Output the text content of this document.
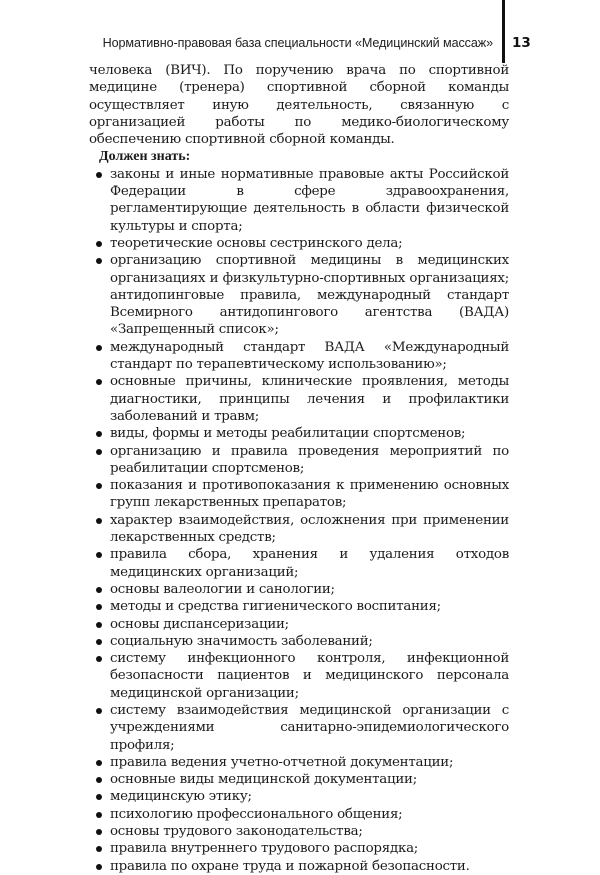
Нормативно-правовая база специальности «Медицинский массаж» 13

человека (ВИЧ). По поручению врача по спортивной медицине (тренера) спортивной сборной команды осуществляет иную деятельность, связанную с организацией работы по медико-биологическому обеспечению спортивной сборной команды.

Должен знать:

законы и иные нормативные правовые акты Российской Федерации в сфере здравоохранения, регламентирующие деятельность в области физической культуры и спорта;
теоретические основы сестринского дела;
организацию спортивной медицины в медицинских организациях и физкультурно-спортивных организациях; антидопинговые правила, международный стандарт Всемирного антидопингового агентства (ВАДА) «Запрещенный список»;
международный стандарт ВАДА «Международный стандарт по терапевтическому использованию»;
основные причины, клинические проявления, методы диагностики, принципы лечения и профилактики заболеваний и травм;
виды, формы и методы реабилитации спортсменов;
организацию и правила проведения мероприятий по реабилитации спортсменов;
показания и противопоказания к применению основных групп лекарственных препаратов;
характер взаимодействия, осложнения при применении лекарственных средств;
правила сбора, хранения и удаления отходов медицинских организаций;
основы валеологии и санологии;
методы и средства гигиенического воспитания;
основы диспансеризации;
социальную значимость заболеваний;
систему инфекционного контроля, инфекционной безопасности пациентов и медицинского персонала медицинской организации;
систему взаимодействия медицинской организации с учреждениями санитарно-эпидемиологического профиля;
правила ведения учетно-отчетной документации;
основные виды медицинской документации;
медицинскую этику;
психологию профессионального общения;
основы трудового законодательства;
правила внутреннего трудового распорядка;
правила по охране труда и пожарной безопасности.
